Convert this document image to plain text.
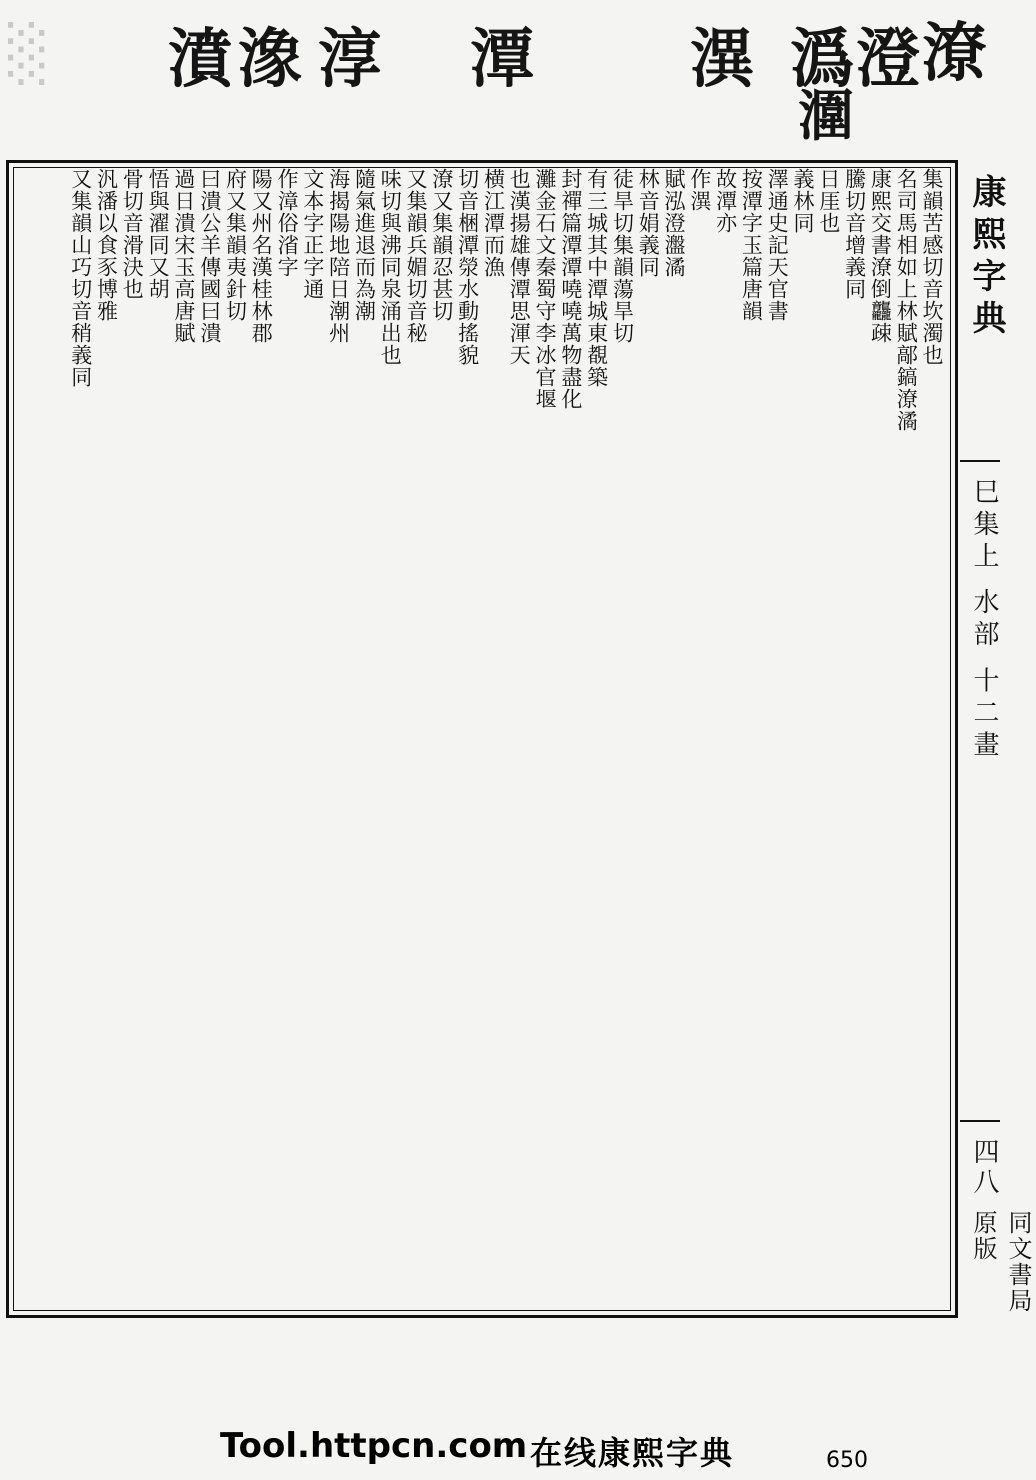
░ 濆 潒 淳 潭 潩 潙 澄 潦
潿
集韻苦感切音坎濁也
名司馬相如上林賦鄗鎬潦潏
康熙交書潦倒龘疎
騰切音增義同
日厓也
義林同
澤通史記天官書
按潭字玉篇唐韻
故潭亦
作潩
賦泓澄瀊潏
林音娟義同
徒旱切集韻蕩旱切
有三城其中潭城東覩築
封禪篇潭潭嘵嘵萬物盡化
灘金石文秦蜀守李冰官堰
也漢揚雄傳潭思渾天
横江潭而漁
切音梱潭滎水動搖貌
潦又集韻忍甚切
又集韻兵媚切音秘
味切與沸同泉涌出也
隨氣進退而為潮
海揭陽地陪日潮州
文本字正字通
作漳俗渻字
陽又州名漢桂林郡
府又集韻夷針切
曰潰公羊傳國曰潰
過日潰宋玉高唐賦
悟與濯同又胡
骨切音滑決也
汎潘以食豕博雅
又集韻山巧切音稍義同	康熙字典
巳集上 水部 十二畫
四八
同文書局原版
Tool.httpcn.com 在线康熙字典	650
